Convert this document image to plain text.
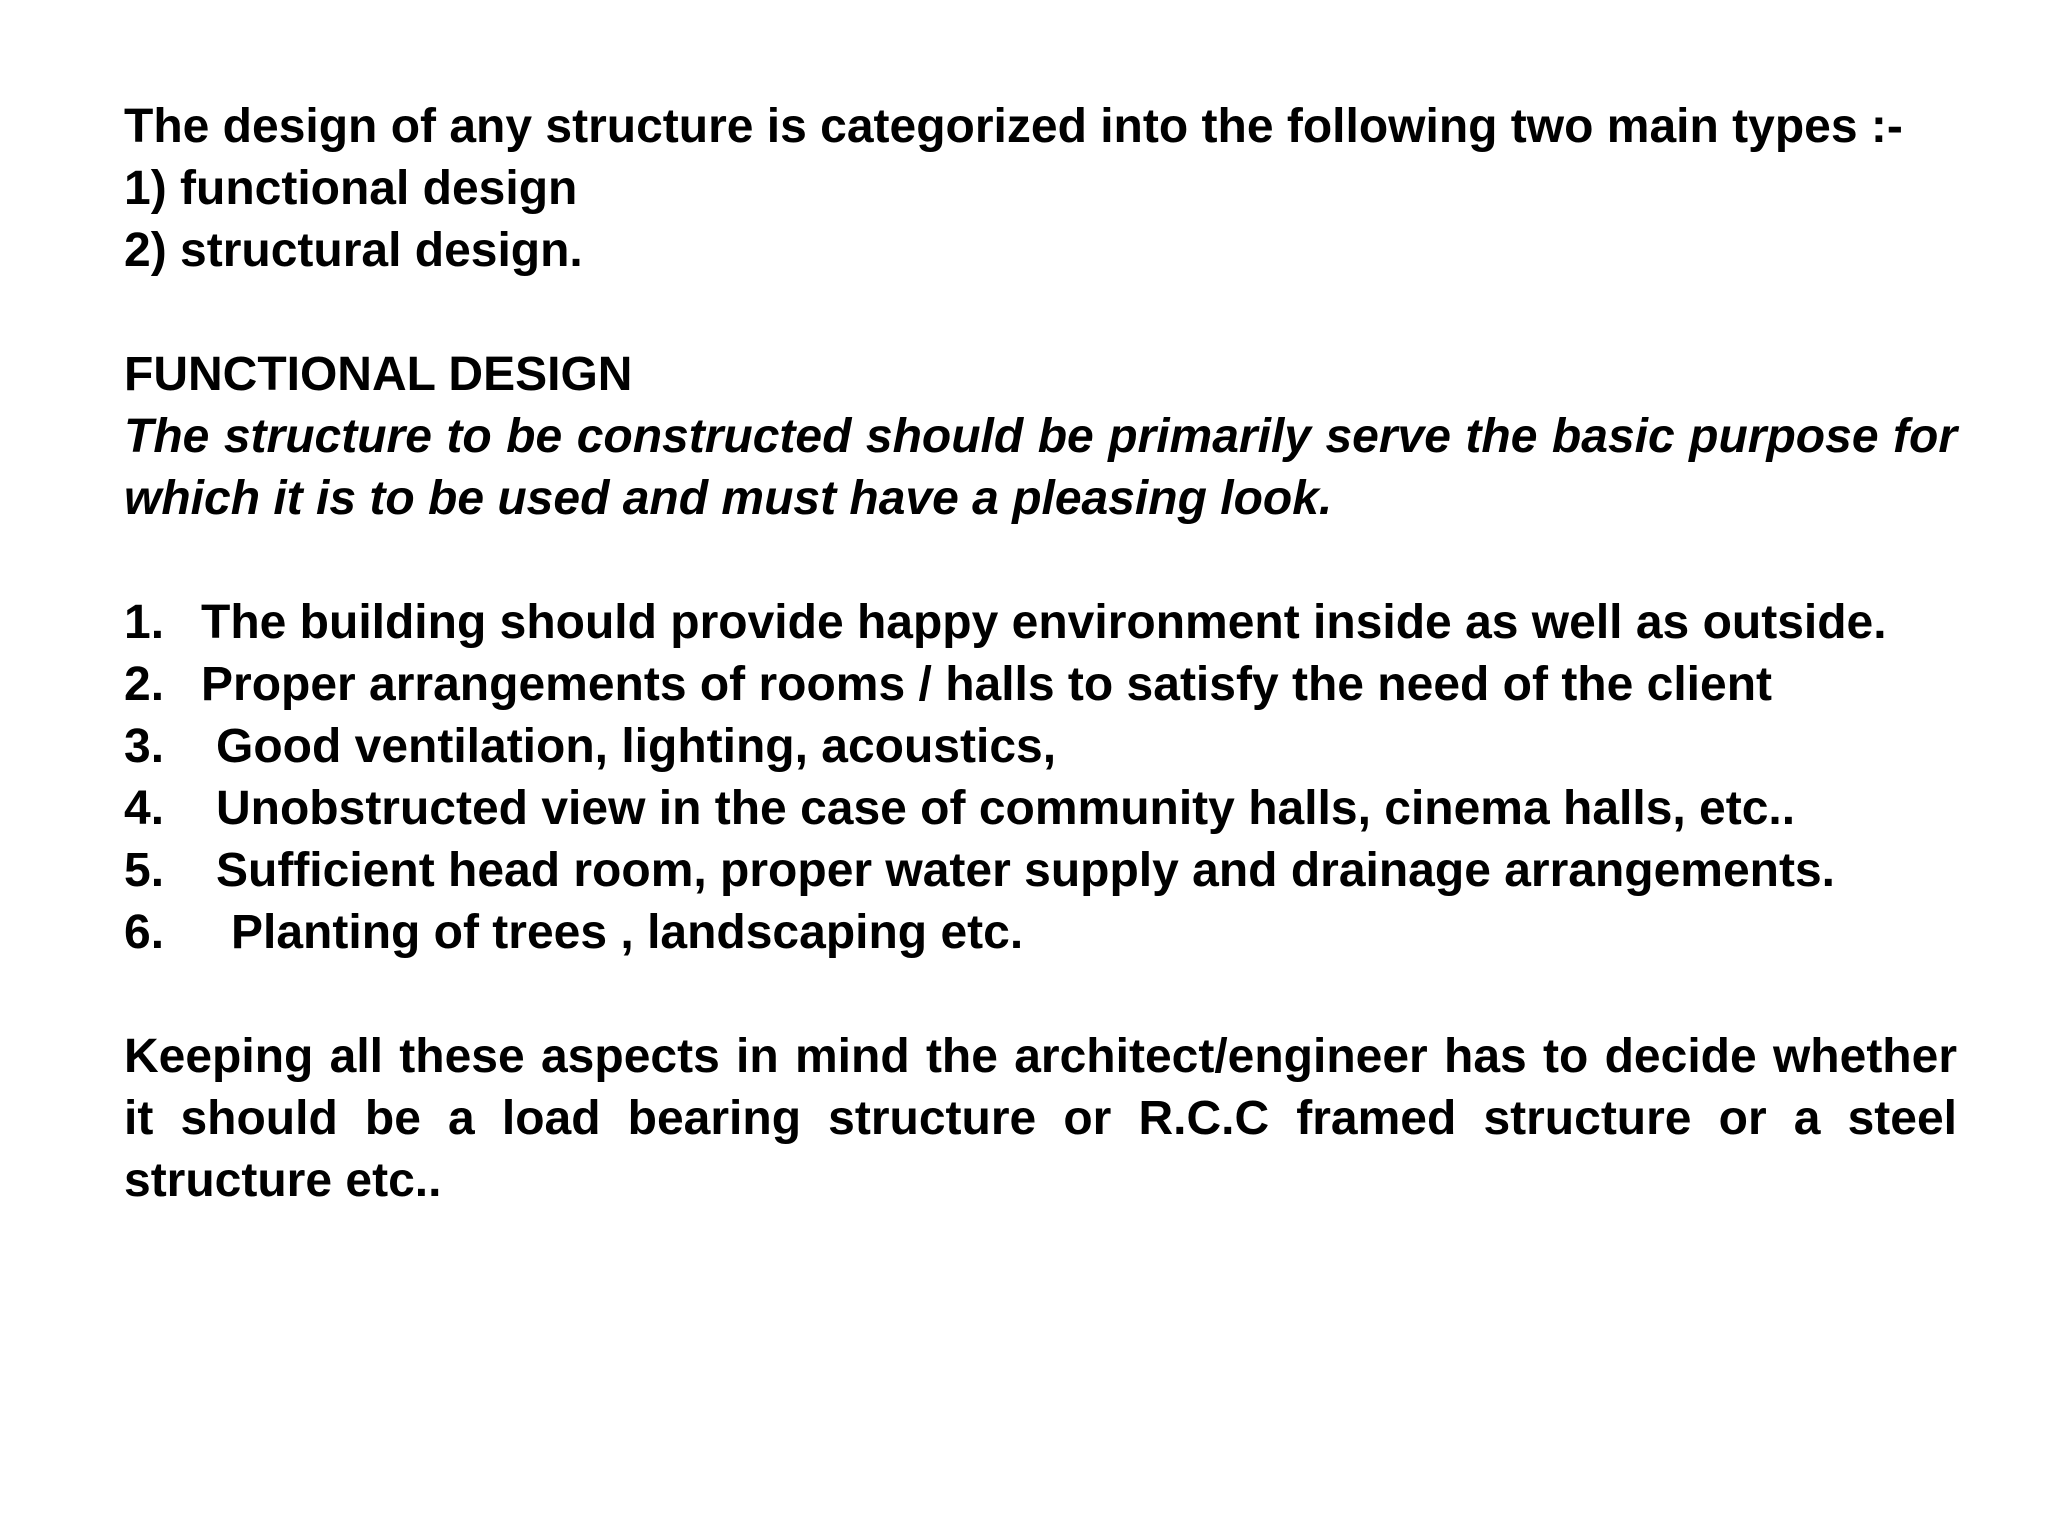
The design of any structure is categorized into the following two main types :-

1) functional design

2) structural design.

FUNCTIONAL DESIGN

The structure to be constructed should be primarily serve the basic purpose for which it is to be used and must have a pleasing look.

1. The building should provide happy environment inside as well as outside.
2. Proper arrangements of rooms / halls to satisfy the need of the client
3.	Good ventilation, lighting, acoustics,
4.	Unobstructed view in the case of community halls, cinema halls, etc..
5.	Sufficient head room, proper water supply and drainage arrangements.
6.	Planting of trees , landscaping etc.

Keeping all these aspects in mind the architect/engineer has to decide whether it should be a load bearing structure or R.C.C framed structure or a steel structure etc..
